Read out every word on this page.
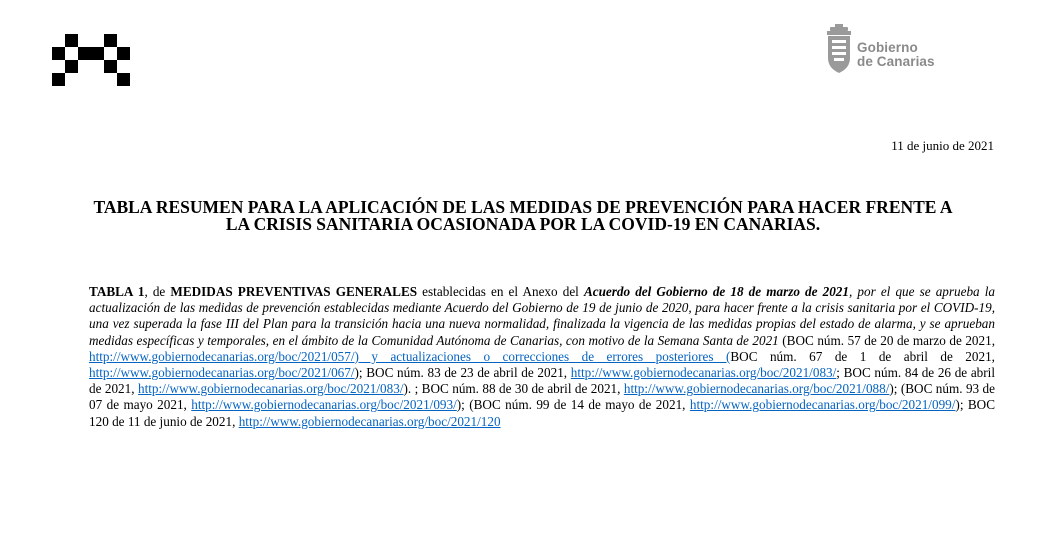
Gobierno
de Canarias
11 de junio de 2021
TABLA RESUMEN PARA LA APLICACIÓN DE LAS MEDIDAS DE PREVENCIÓN PARA HACER FRENTE A
LA CRISIS SANITARIA OCASIONADA POR LA COVID-19 EN CANARIAS.

TABLA 1, de MEDIDAS PREVENTIVAS GENERALES establecidas en el Anexo del Acuerdo del Gobierno de 18 de marzo de 2021, por el que se aprueba la actualización de las medidas de prevención establecidas mediante Acuerdo del Gobierno de 19 de junio de 2020, para hacer frente a la crisis sanitaria por el COVID-19, una vez superada la fase III del Plan para la transición hacia una nueva normalidad, finalizada la vigencia de las medidas propias del estado de alarma, y se aprueban medidas específicas y temporales, en el ámbito de la Comunidad Autónoma de Canarias, con motivo de la Semana Santa de 2021 (BOC núm. 57 de 20 de marzo de 2021, http://www.gobiernodecanarias.org/boc/2021/057/) y actualizaciones o correcciones de errores posteriores (BOC núm. 67 de 1 de abril de 2021, http://www.gobiernodecanarias.org/boc/2021/067/); BOC núm. 83 de 23 de abril de 2021, http://www.gobiernodecanarias.org/boc/2021/083/; BOC núm. 84 de 26 de abril de 2021, http://www.gobiernodecanarias.org/boc/2021/083/). ; BOC núm. 88 de 30 de abril de 2021, http://www.gobiernodecanarias.org/boc/2021/088/); (BOC núm. 93 de 07 de mayo 2021, http://www.gobiernodecanarias.org/boc/2021/093/); (BOC núm. 99 de 14 de mayo de 2021, http://www.gobiernodecanarias.org/boc/2021/099/); BOC 120 de 11 de junio de 2021, http://www.gobiernodecanarias.org/boc/2021/120
